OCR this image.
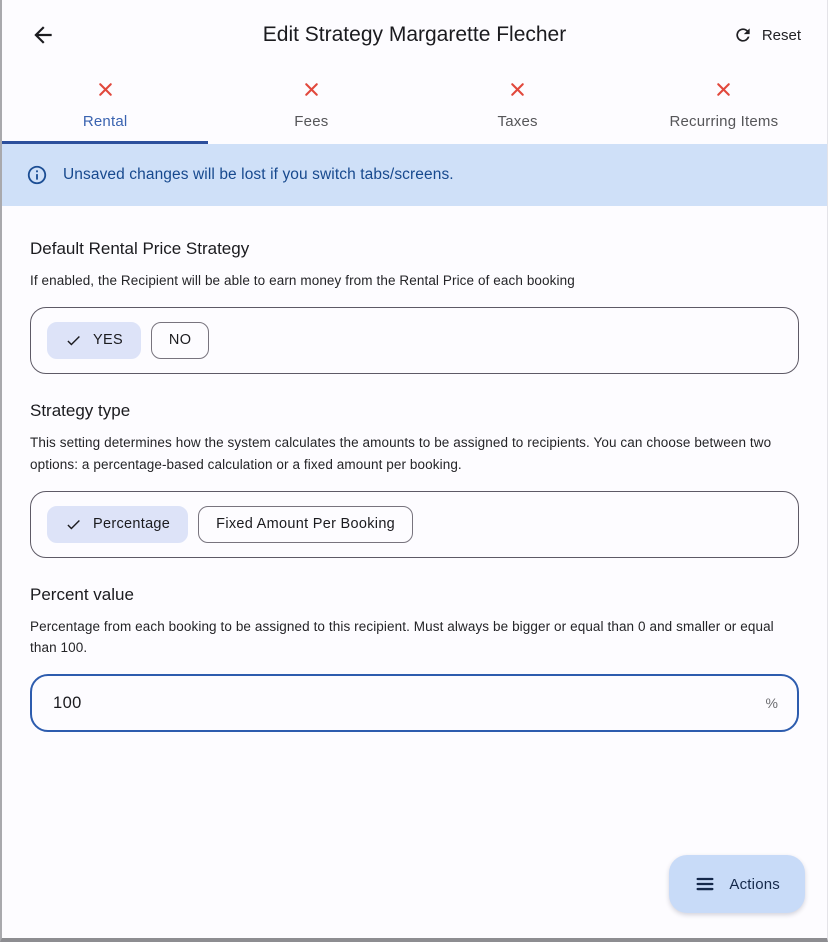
Edit Strategy Margarette Flecher	Reset
Rental	Fees	Taxes	Recurring Items
Unsaved changes will be lost if you switch tabs/screens.
Default Rental Price Strategy

If enabled, the Recipient will be able to earn money from the Rental Price of each booking

YES	NO
Strategy type

This setting determines how the system calculates the amounts to be assigned to recipients. You can choose between two options: a percentage-based calculation or a fixed amount per booking.

Percentage	Fixed Amount Per Booking
Percent value

Percentage from each booking to be assigned to this recipient. Must always be bigger or equal than 0 and smaller or equal than 100.

100
%
Actions
